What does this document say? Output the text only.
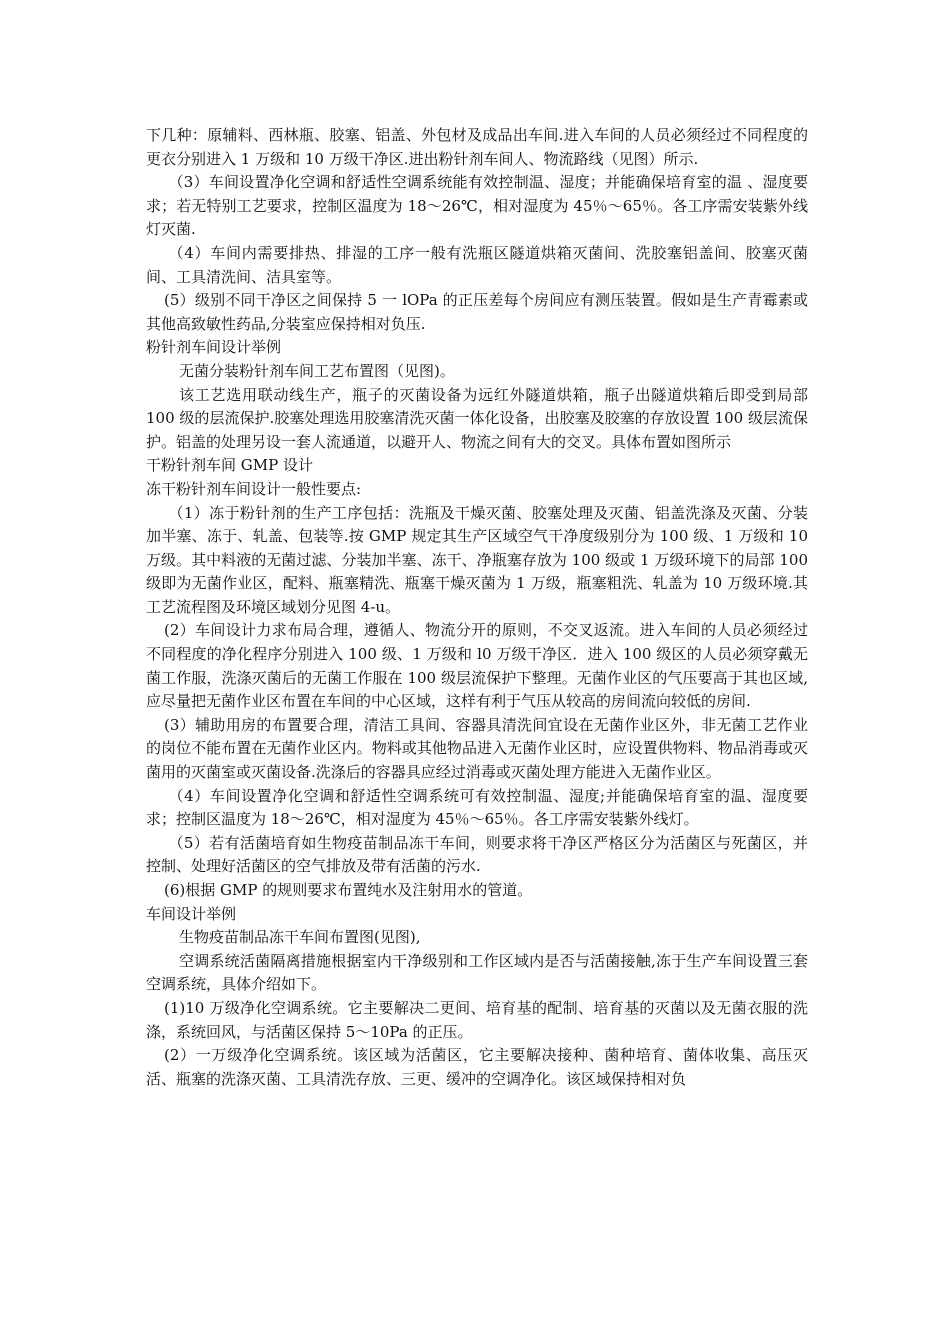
下几种：原辅料、西林瓶、胶塞、铝盖、外包材及成品出车间.进入车间的人员必须经过不同程度的更衣分别进入 1 万级和 10 万级干净区.进出粉针剂车间人、物流路线（见图）所示.

（3）车间设置净化空调和舒适性空调系统能有效控制温、湿度；并能确保培育室的温 、湿度要求；若无特别工艺要求，控制区温度为 18～26℃，相对湿度为 45％～65％。各工序需安装紫外线灯灭菌.

（4）车间内需要排热、排湿的工序一般有洗瓶区隧道烘箱灭菌间、洗胶塞铝盖间、胶塞灭菌间、工具清洗间、洁具室等。

(5）级别不同干净区之间保持 5 一 lOPa 的正压差每个房间应有测压装置。假如是生产青霉素或其他高致敏性药品,分装室应保持相对负压.

粉针剂车间设计举例

无菌分装粉针剂车间工艺布置图（见图)。

该工艺选用联动线生产，瓶子的灭菌设备为远红外隧道烘箱，瓶子出隧道烘箱后即受到局部 100 级的层流保护.胶塞处理选用胶塞清洗灭菌一体化设备，出胶塞及胶塞的存放设置 100 级层流保护。铝盖的处理另设一套人流通道，以避开人、物流之间有大的交叉。具体布置如图所示

干粉针剂车间 GMP 设计

冻干粉针剂车间设计一般性要点:

（1）冻于粉针剂的生产工序包括：洗瓶及干燥灭菌、胶塞处理及灭菌、铝盖洗涤及灭菌、分装加半塞、冻于、轧盖、包装等.按 GMP 规定其生产区域空气干净度级别分为 100 级、1 万级和 10 万级。其中料液的无菌过滤、分装加半塞、冻干、净瓶塞存放为 100 级或 1 万级环境下的局部 100 级即为无菌作业区，配料、瓶塞精洗、瓶塞干燥灭菌为 1 万级，瓶塞粗洗、轧盖为 10 万级环境.其工艺流程图及环境区域划分见图 4-u。

(2）车间设计力求布局合理，遵循人、物流分开的原则，不交叉返流。进入车间的人员必须经过不同程度的净化程序分别进入 100 级、1 万级和 l0 万级干净区．进入 100 级区的人员必须穿戴无菌工作服，洗涤灭菌后的无菌工作服在 100 级层流保护下整理。无菌作业区的气压要高于其也区域,应尽量把无菌作业区布置在车间的中心区域，这样有利于气压从较高的房间流向较低的房间.

(3）辅助用房的布置要合理，清洁工具间、容器具清洗间宜设在无菌作业区外，非无菌工艺作业的岗位不能布置在无菌作业区内。物料或其他物品进入无菌作业区时，应设置供物料、物品消毒或灭菌用的灭菌室或灭菌设备.洗涤后的容器具应经过消毒或灭菌处理方能进入无菌作业区。

（4）车间设置净化空调和舒适性空调系统可有效控制温、湿度;并能确保培育室的温、湿度要求；控制区温度为 18～26℃，相对湿度为 45％～65％。各工序需安装紫外线灯。

（5）若有活菌培育如生物疫苗制品冻干车间，则要求将干净区严格区分为活菌区与死菌区，并控制、处理好活菌区的空气排放及带有活菌的污水.

(6)根据 GMP 的规则要求布置纯水及注射用水的管道。

车间设计举例

生物疫苗制品冻干车间布置图(见图),

空调系统活菌隔离措施根据室内干净级别和工作区域内是否与活菌接触,冻于生产车间设置三套空调系统，具体介绍如下。

(1)10 万级净化空调系统。它主要解决二更间、培育基的配制、培育基的灭菌以及无菌衣服的洗涤，系统回风，与活菌区保持 5～10Pa 的正压。

(2）一万级净化空调系统。该区域为活菌区，它主要解决接种、菌种培育、菌体收集、高压灭活、瓶塞的洗涤灭菌、工具清洗存放、三更、缓冲的空调净化。该区域保持相对负
